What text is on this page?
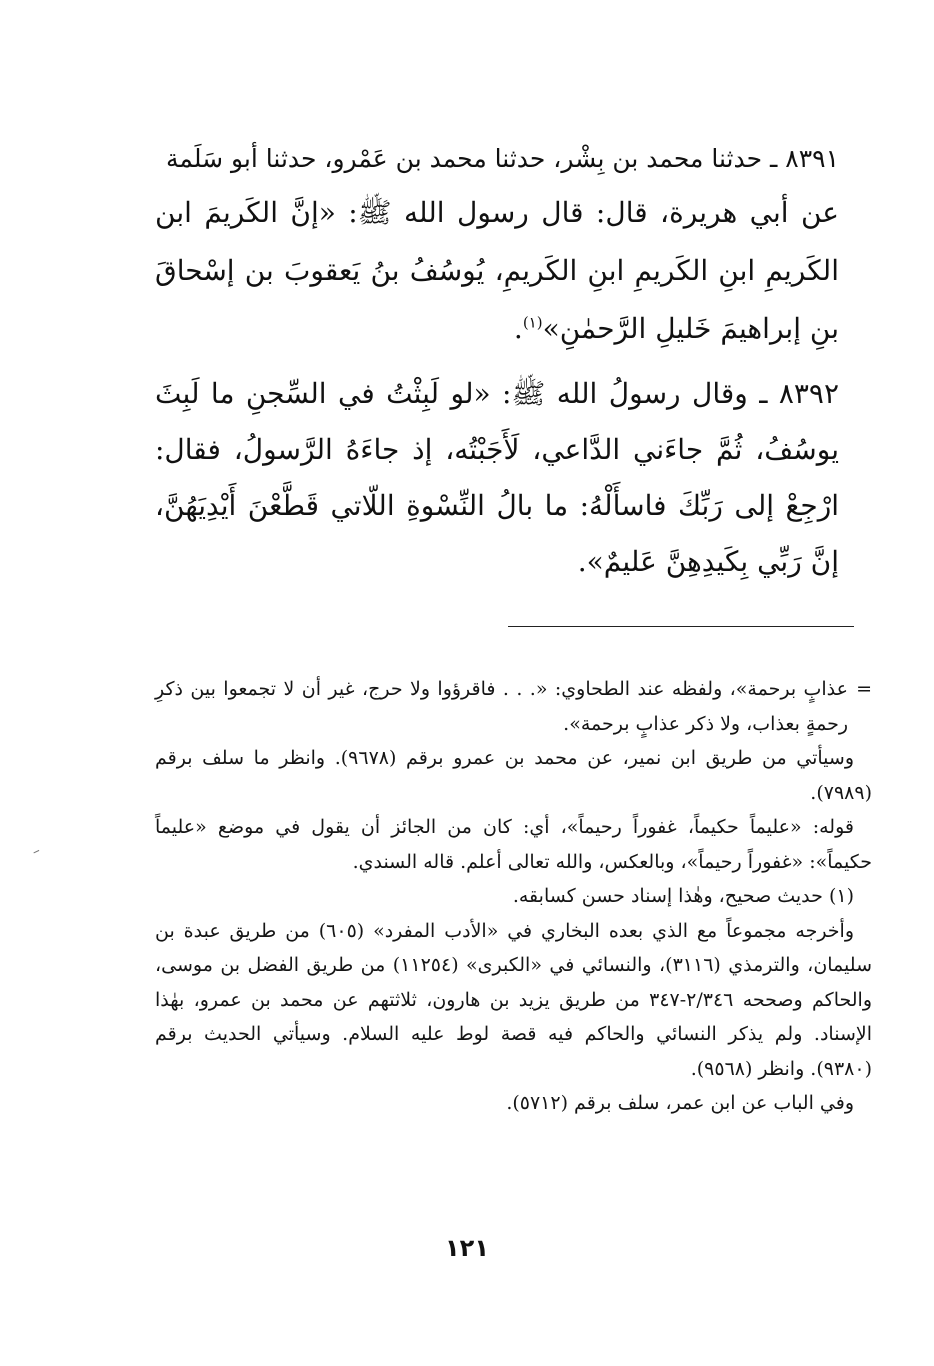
٨٣٩١ ـ حدثنا محمد بن بِشْر، حدثنا محمد بن عَمْرو، حدثنا أبو سَلَمة

عن أبي هريرة، قال: قال رسول الله ﷺ: «إنَّ الكَريمَ ابن الكَريمِ ابنِ الكَريمِ ابنِ الكَريمِ، يُوسُفُ بنُ يَعقوبَ بن إسْحاقَ بنِ إبراهيمَ خَليلِ الرَّحمٰنِ»$^{(١)}$.

٨٣٩٢ ـ وقال رسولُ الله ﷺ: «لو لَبِثْتُ في السِّجنِ ما لَبِثَ يوسُفُ، ثُمَّ جاءَني الدَّاعي، لَأَجَبْتُه، إذ جاءَهُ الرَّسولُ، فقال: ارْجِعْ إلى رَبِّكَ فاسأَلْهُ: ما بالُ النِّسْوةِ اللّاتي قَطَّعْنَ أَيْدِيَهُنَّ، إنَّ رَبِّي بِكَيدِهِنَّ عَليمٌ».

=
عذابٍ برحمة»، ولفظه عند الطحاوي: «. . . فاقرؤوا ولا حرج، غير أن لا تجمعوا بين ذكرِ رحمةٍ بعذاب، ولا ذكر عذابٍ برحمة».

وسيأتي من طريق ابن نمير، عن محمد بن عمرو برقم (٩٦٧٨). وانظر ما سلف برقم (٧٩٨٩).

قوله: «عليماً حكيماً، غفوراً رحيماً»، أي: كان من الجائز أن يقول في موضع «عليماً حكيماً»: «غفوراً رحيماً»، وبالعكس، والله تعالى أعلم. قاله السندي.

(١) حديث صحيح، وهٰذا إسناد حسن كسابقه.

وأخرجه مجموعاً مع الذي بعده البخاري في «الأدب المفرد» (٦٠٥) من طريق عبدة بن سليمان، والترمذي (٣١١٦)، والنسائي في «الكبرى» (١١٢٥٤) من طريق الفضل بن موسى، والحاكم وصححه ٢/٣٤٦-٣٤٧ من طريق يزيد بن هارون، ثلاثتهم عن محمد بن عمرو، بهٰذا الإسناد. ولم يذكر النسائي والحاكم فيه قصة لوط عليه السلام. وسيأتي الحديث برقم (٩٣٨٠). وانظر (٩٥٦٨).

وفي الباب عن ابن عمر، سلف برقم (٥٧١٢).

١٢١
